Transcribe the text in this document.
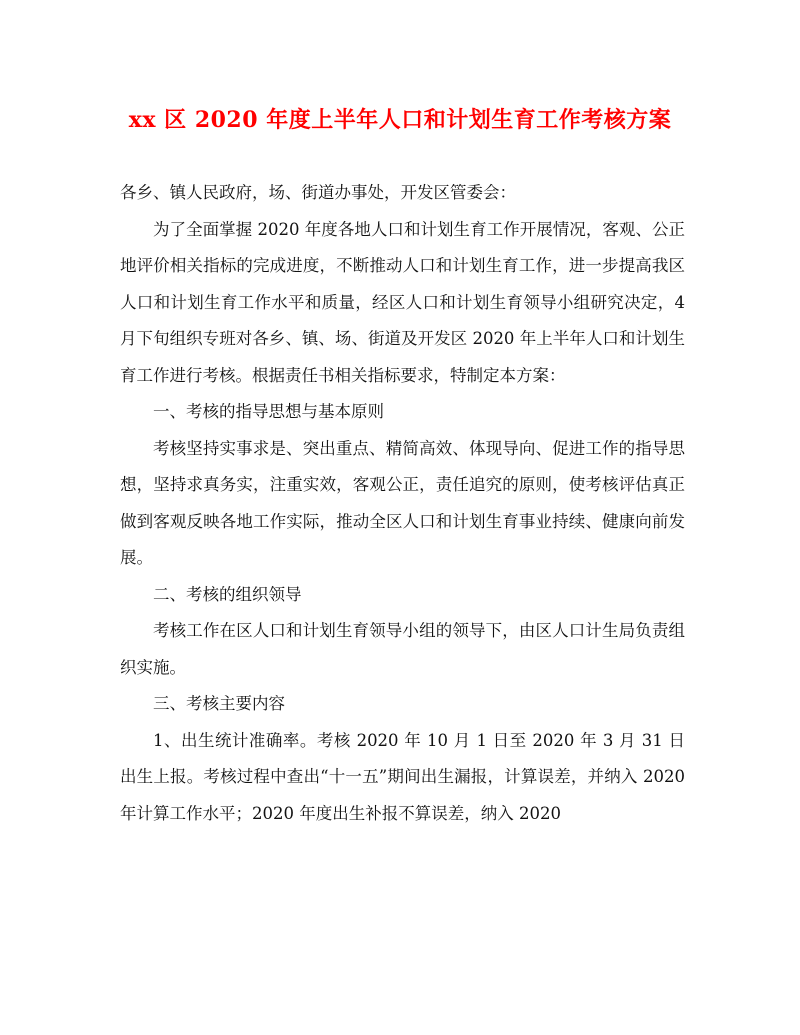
xx 区 2020 年度上半年人口和计划生育工作考核方案

各乡、镇人民政府，场、街道办事处，开发区管委会：

为了全面掌握 2020 年度各地人口和计划生育工作开展情况，客观、公正地评价相关指标的完成进度，不断推动人口和计划生育工作，进一步提高我区人口和计划生育工作水平和质量，经区人口和计划生育领导小组研究决定，4 月下旬组织专班对各乡、镇、场、街道及开发区 2020 年上半年人口和计划生育工作进行考核。根据责任书相关指标要求，特制定本方案：

一、考核的指导思想与基本原则

考核坚持实事求是、突出重点、精简高效、体现导向、促进工作的指导思想，坚持求真务实，注重实效，客观公正，责任追究的原则，使考核评估真正做到客观反映各地工作实际，推动全区人口和计划生育事业持续、健康向前发展。

二、考核的组织领导

考核工作在区人口和计划生育领导小组的领导下，由区人口计生局负责组织实施。

三、考核主要内容

1、出生统计准确率。考核 2020 年 10 月 1 日至 2020 年 3 月 31 日出生上报。考核过程中查出“十一五”期间出生漏报，计算误差，并纳入 2020 年计算工作水平；2020 年度出生补报不算误差，纳入 2020
